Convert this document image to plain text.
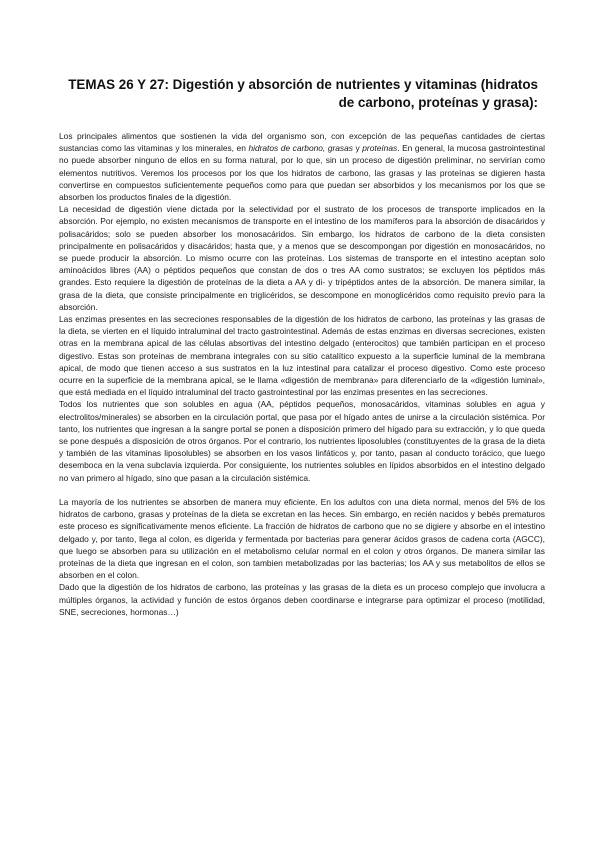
TEMAS 26 Y 27: Digestión y absorción de nutrientes y vitaminas (hidratos de carbono, proteínas y grasa):

Los principales alimentos que sostienen la vida del organismo son, con excepción de las pequeñas cantidades de ciertas sustancias como las vitaminas y los minerales, en hidratos de carbono, grasas y proteínas. En general, la mucosa gastrointestinal no puede absorber ninguno de ellos en su forma natural, por lo que, sin un proceso de digestión preliminar, no servirían como elementos nutritivos. Veremos los procesos por los que los hidratos de carbono, las grasas y las proteínas se digieren hasta convertirse en compuestos suficientemente pequeños como para que puedan ser absorbidos y los mecanismos por los que se absorben los productos finales de la digestión.

La necesidad de digestión viene dictada por la selectividad por el sustrato de los procesos de transporte implicados en la absorción. Por ejemplo, no existen mecanismos de transporte en el intestino de los mamíferos para la absorción de disacáridos y polisacáridos; solo se pueden absorber los monosacáridos. Sin embargo, los hidratos de carbono de la dieta consisten principalmente en polisacáridos y disacáridos; hasta que, y a menos que se descompongan por digestión en monosacáridos, no se puede producir la absorción. Lo mismo ocurre con las proteínas. Los sistemas de transporte en el intestino aceptan solo aminoácidos libres (AA) o péptidos pequeños que constan de dos o tres AA como sustratos; se excluyen los péptidos más grandes. Esto requiere la digestión de proteínas de la dieta a AA y di- y tripéptidos antes de la absorción. De manera similar, la grasa de la dieta, que consiste principalmente en triglicéridos, se descompone en monoglicéridos como requisito previo para la absorción.

Las enzimas presentes en las secreciones responsables de la digestión de los hidratos de carbono, las proteínas y las grasas de la dieta, se vierten en el líquido intraluminal del tracto gastrointestinal. Además de estas enzimas en diversas secreciones, existen otras en la membrana apical de las células absortivas del intestino delgado (enterocitos) que también participan en el proceso digestivo. Estas son proteínas de membrana integrales con su sitio catalítico expuesto a la superficie luminal de la membrana apical, de modo que tienen acceso a sus sustratos en la luz intestinal para catalizar el proceso digestivo. Como este proceso ocurre en la superficie de la membrana apical, se le llama «digestión de membrana» para diferenciarlo de la «digestión luminal», que está mediada en el líquido intraluminal del tracto gastrointestinal por las enzimas presentes en las secreciones.

Todos los nutrientes que son solubles en agua (AA, péptidos pequeños, monosacáridos, vitaminas solubles en agua y electrolitos/minerales) se absorben en la circulación portal, que pasa por el hígado antes de unirse a la circulación sistémica. Por tanto, los nutrientes que ingresan a la sangre portal se ponen a disposición primero del hígado para su extracción, y lo que queda se pone después a disposición de otros órganos. Por el contrario, los nutrientes liposolubles (constituyentes de la grasa de la dieta y también de las vitaminas liposolubles) se absorben en los vasos linfáticos y, por tanto, pasan al conducto torácico, que luego desemboca en la vena subclavia izquierda. Por consiguiente, los nutrientes solubles en lípidos absorbidos en el intestino delgado no van primero al hígado, sino que pasan a la circulación sistémica.

La mayoría de los nutrientes se absorben de manera muy eficiente. En los adultos con una dieta normal, menos del 5% de los hidratos de carbono, grasas y proteínas de la dieta se excretan en las heces. Sin embargo, en recién nacidos y bebés prematuros este proceso es significativamente menos eficiente. La fracción de hidratos de carbono que no se digiere y absorbe en el intestino delgado y, por tanto, llega al colon, es digerida y fermentada por bacterias para generar ácidos grasos de cadena corta (AGCC), que luego se absorben para su utilización en el metabolismo celular normal en el colon y otros órganos. De manera similar las proteínas de la dieta que ingresan en el colon, son tambien metabolizadas por las bacterias; los AA y sus metabolitos de ellos se absorben en el colon.

Dado que la digestión de los hidratos de carbono, las proteínas y las grasas de la dieta es un proceso complejo que involucra a múltiples órganos, la actividad y función de estos órganos deben coordinarse e integrarse para optimizar el proceso (motilidad, SNE, secreciones, hormonas…)
